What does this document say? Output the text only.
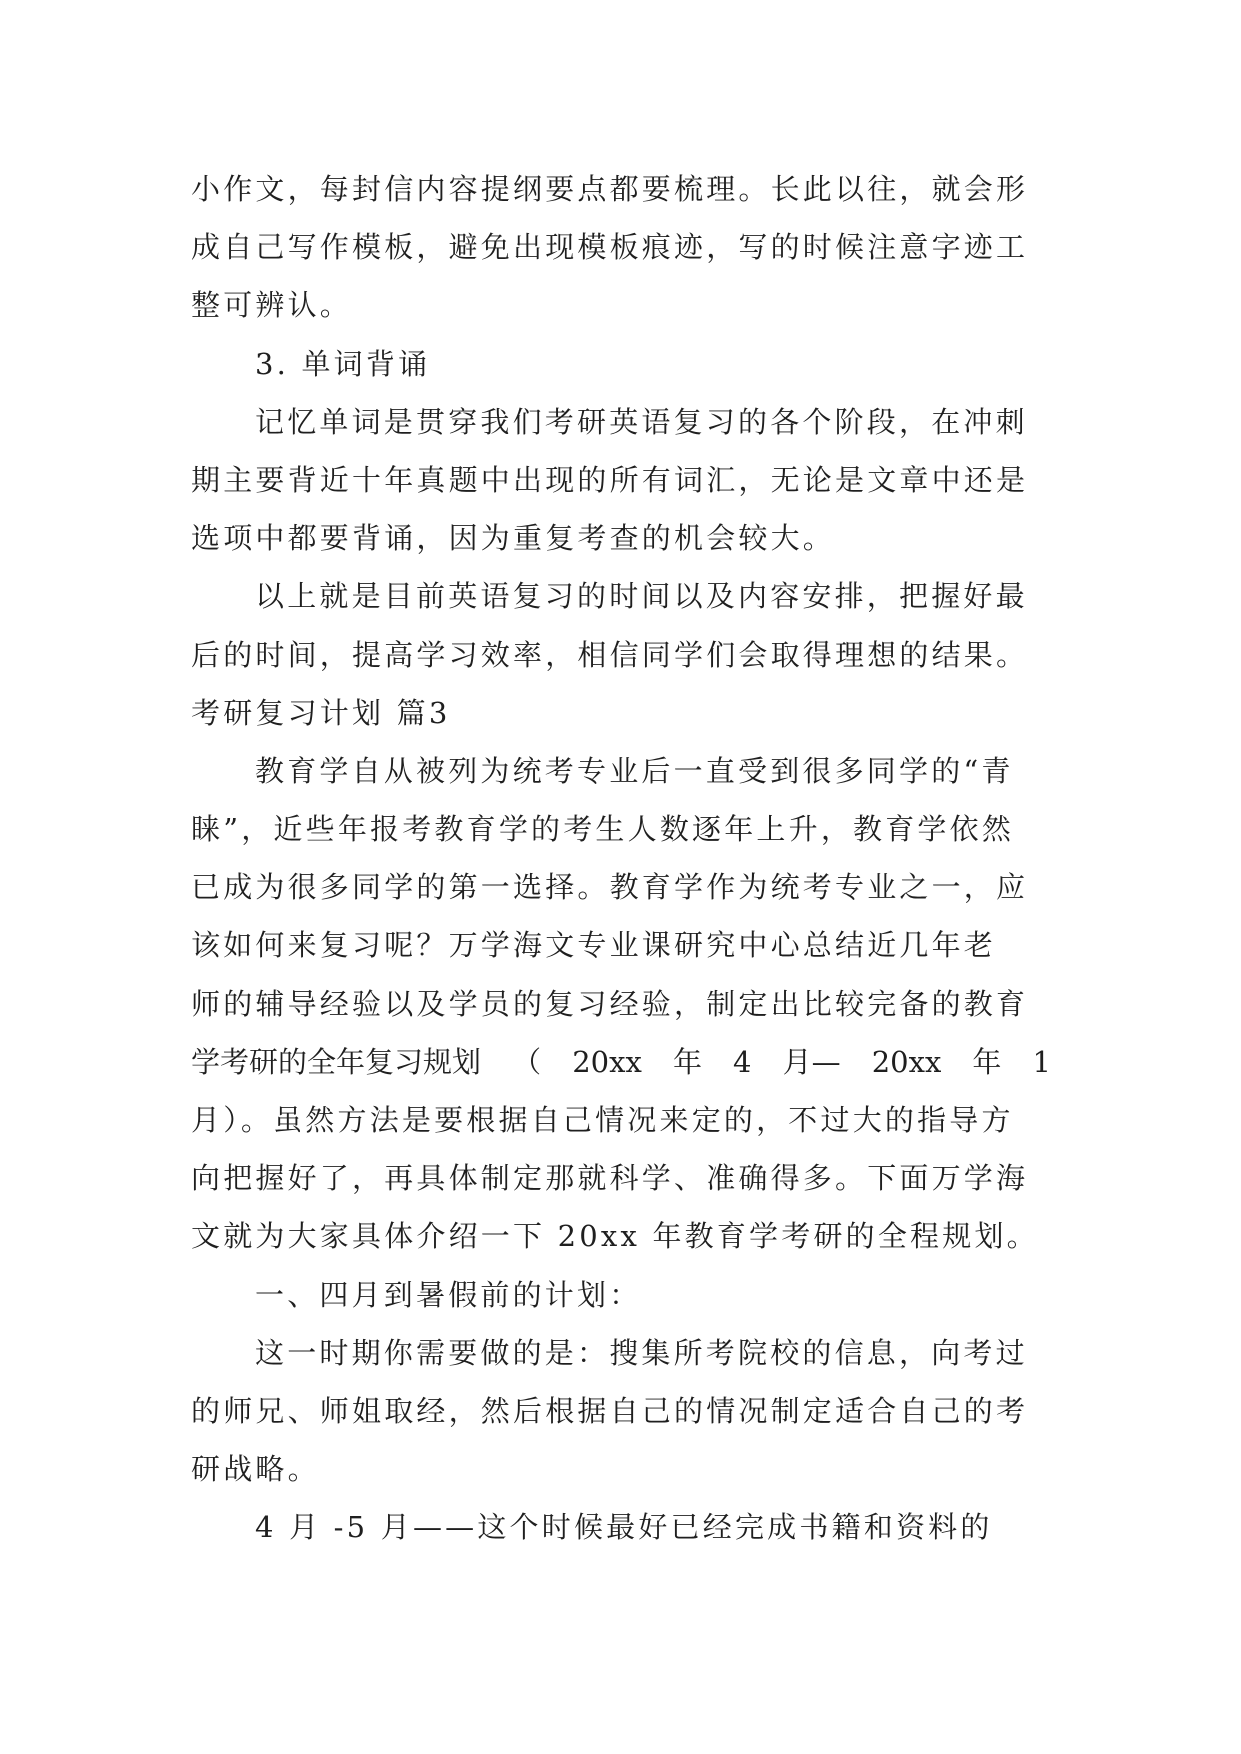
小作文，每封信内容提纲要点都要梳理。长此以往，就会形
成自己写作模板，避免出现模板痕迹，写的时候注意字迹工
整可辨认。
3. 单词背诵
记忆单词是贯穿我们考研英语复习的各个阶段，在冲刺
期主要背近十年真题中出现的所有词汇，无论是文章中还是
选项中都要背诵，因为重复考查的机会较大。
以上就是目前英语复习的时间以及内容安排，把握好最
后的时间，提高学习效率，相信同学们会取得理想的结果。
考研复习计划 篇3
教育学自从被列为统考专业后一直受到很多同学的“青
睐”，近些年报考教育学的考生人数逐年上升，教育学依然
已成为很多同学的第一选择。教育学作为统考专业之一，应
该如何来复习呢？万学海文专业课研究中心总结近几年老
师的辅导经验以及学员的复习经验，制定出比较完备的教育
学考研的全年复习规划 （ 20xx 年 4 月— 20xx 年 1
月）。虽然方法是要根据自己情况来定的，不过大的指导方
向把握好了，再具体制定那就科学、准确得多。下面万学海
文就为大家具体介绍一下 20xx 年教育学考研的全程规划。
一、四月到暑假前的计划：
这一时期你需要做的是：搜集所考院校的信息，向考过
的师兄、师姐取经，然后根据自己的情况制定适合自己的考
研战略。
4 月 -5 月——这个时候最好已经完成书籍和资料的
